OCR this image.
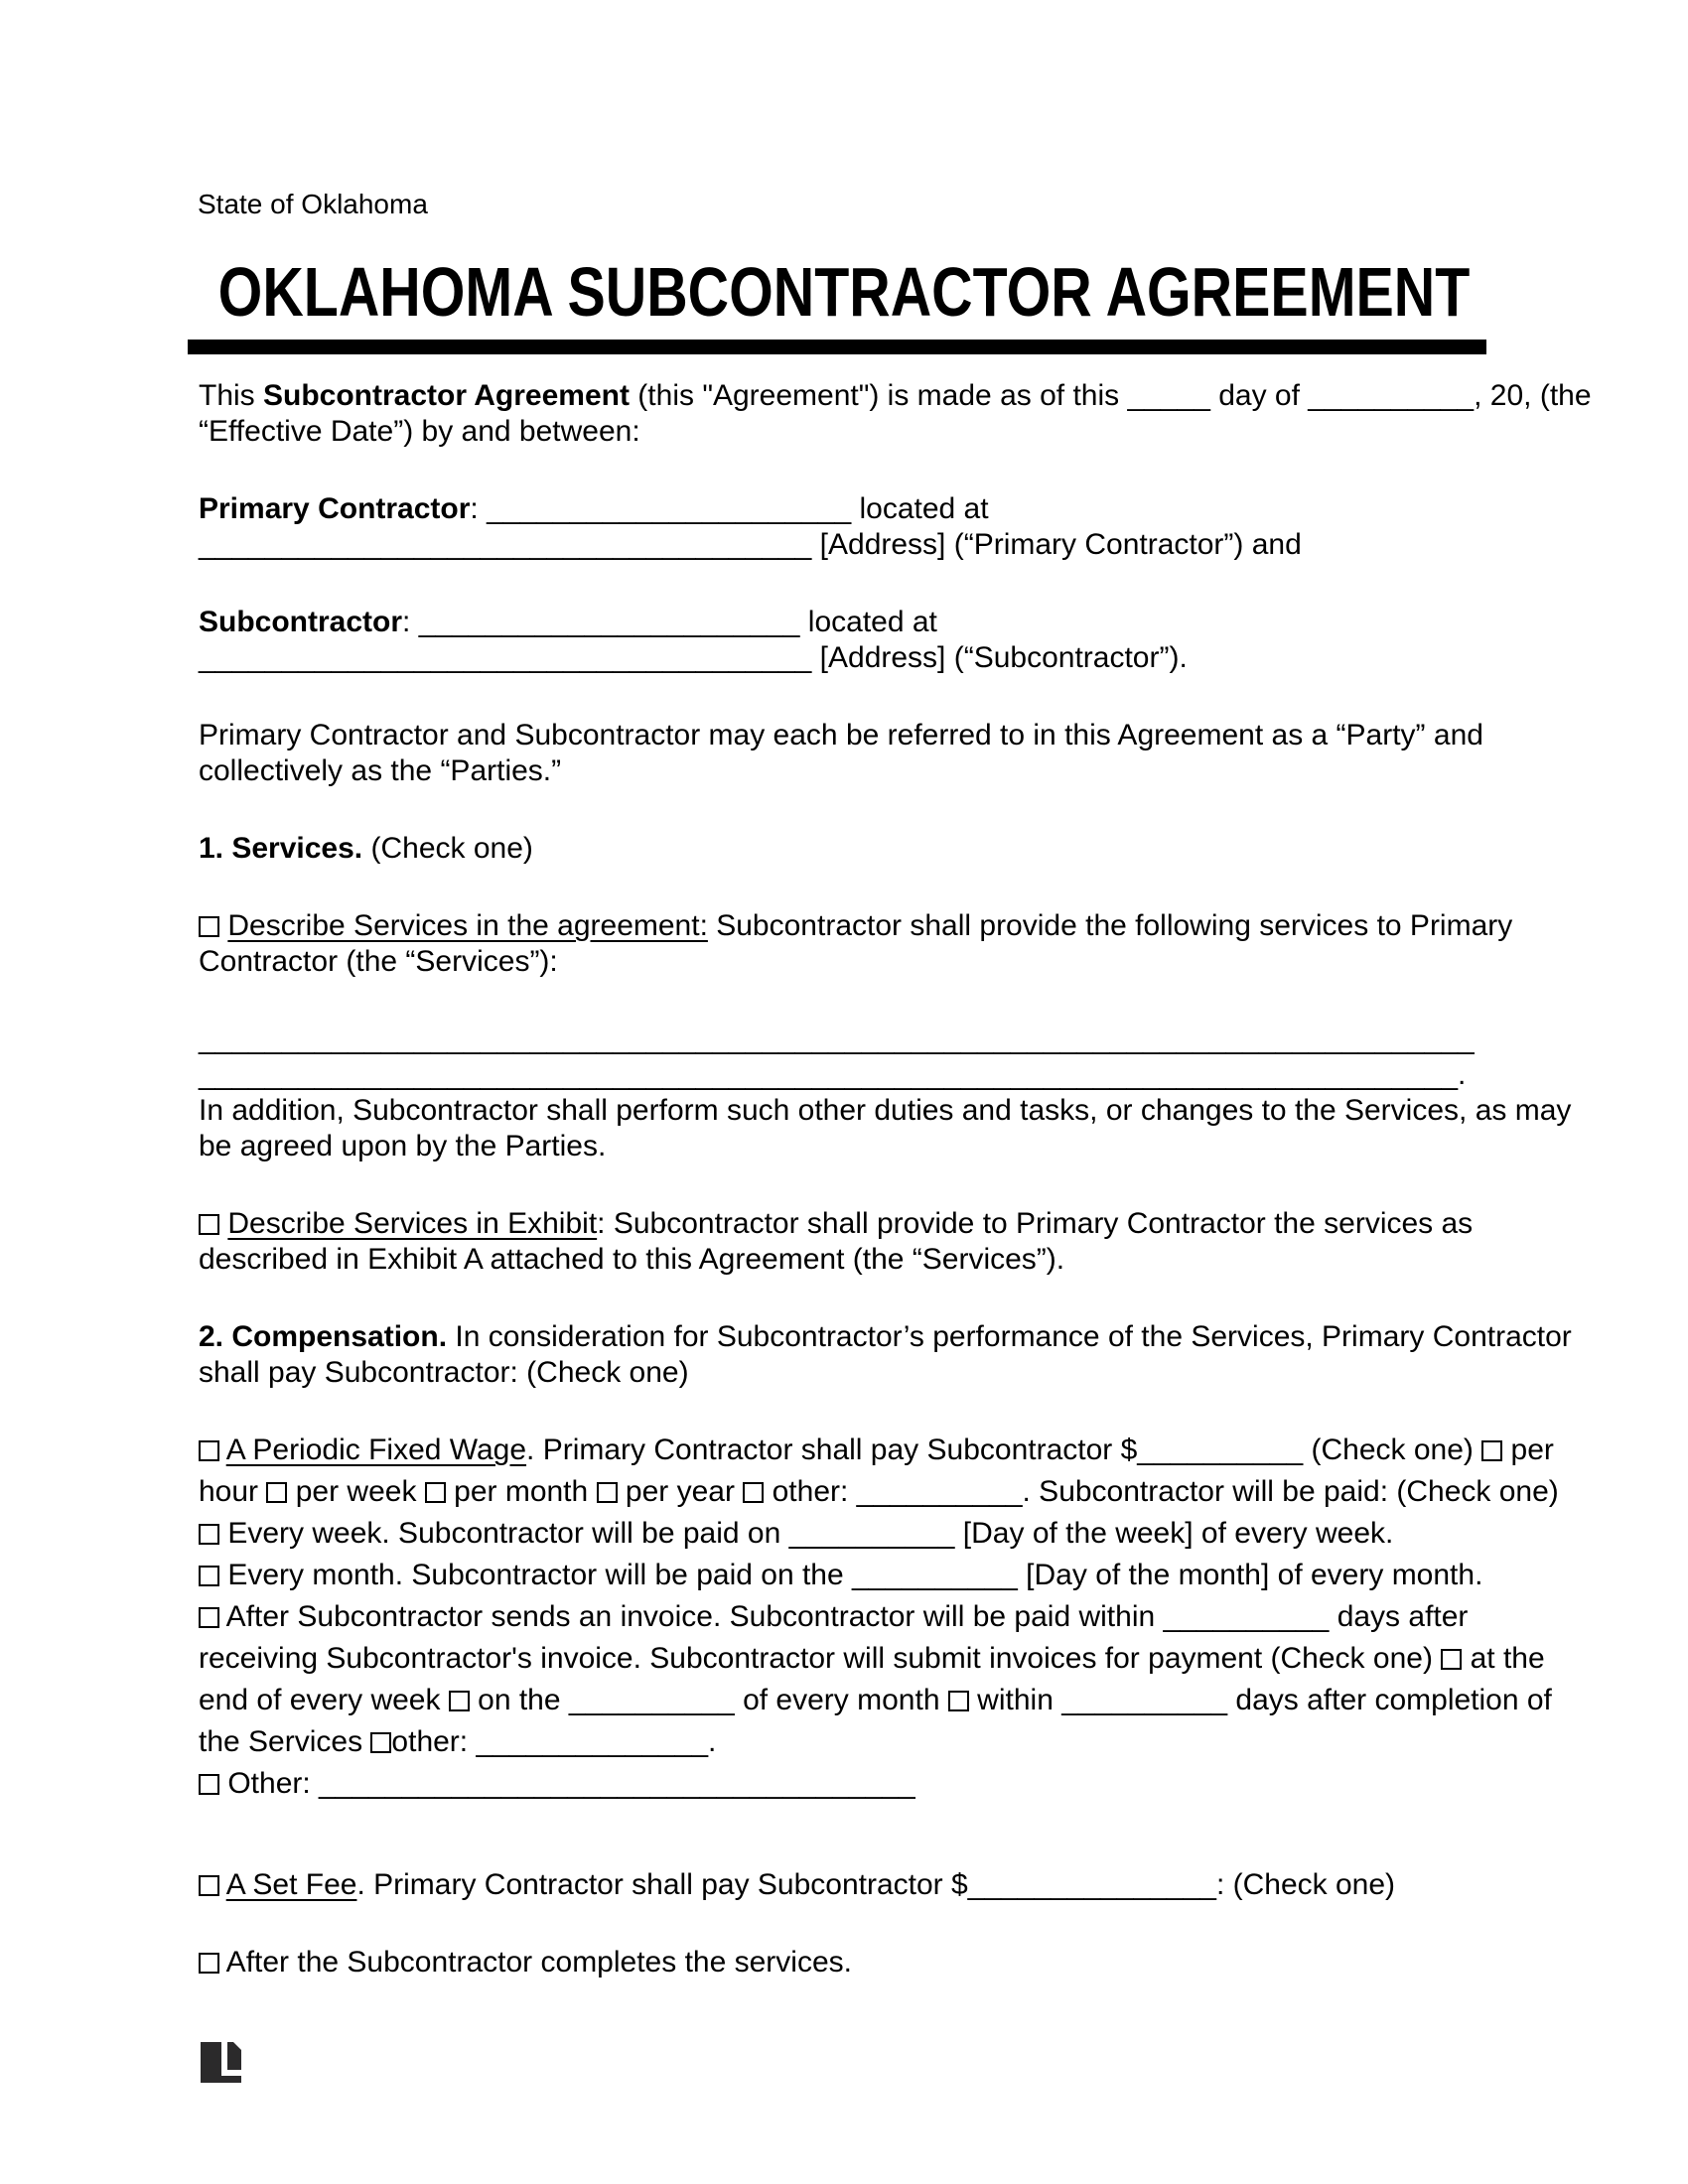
State of Oklahoma
OKLAHOMA SUBCONTRACTOR AGREEMENT
This Subcontractor Agreement (this "Agreement") is made as of this _____ day of __________, 20, (the
“Effective Date”) by and between:
Primary Contractor: ______________________ located at
_____________________________________ [Address] (“Primary Contractor”) and
Subcontractor: _______________________ located at
_____________________________________ [Address] (“Subcontractor”).
Primary Contractor and Subcontractor may each be referred to in this Agreement as a “Party” and
collectively as the “Parties.”
1. Services. (Check one)
Describe Services in the agreement: Subcontractor shall provide the following services to Primary
Contractor (the “Services”):
_____________________________________________________________________________
____________________________________________________________________________.
In addition, Subcontractor shall perform such other duties and tasks, or changes to the Services, as may
be agreed upon by the Parties.
Describe Services in Exhibit: Subcontractor shall provide to Primary Contractor the services as
described in Exhibit A attached to this Agreement (the “Services”).
2. Compensation. In consideration for Subcontractor’s performance of the Services, Primary Contractor
shall pay Subcontractor: (Check one)
A Periodic Fixed Wage. Primary Contractor shall pay Subcontractor $__________ (Check one)  per
hour  per week  per month  per year  other: __________. Subcontractor will be paid: (Check one)
Every week. Subcontractor will be paid on __________ [Day of the week] of every week.
Every month. Subcontractor will be paid on the __________ [Day of the month] of every month.
After Subcontractor sends an invoice. Subcontractor will be paid within __________ days after
receiving Subcontractor's invoice. Subcontractor will submit invoices for payment (Check one)  at the
end of every week  on the __________ of every month  within __________ days after completion of
the Services other: ______________.
Other: ____________________________________
A Set Fee. Primary Contractor shall pay Subcontractor $_______________: (Check one)
After the Subcontractor completes the services.
